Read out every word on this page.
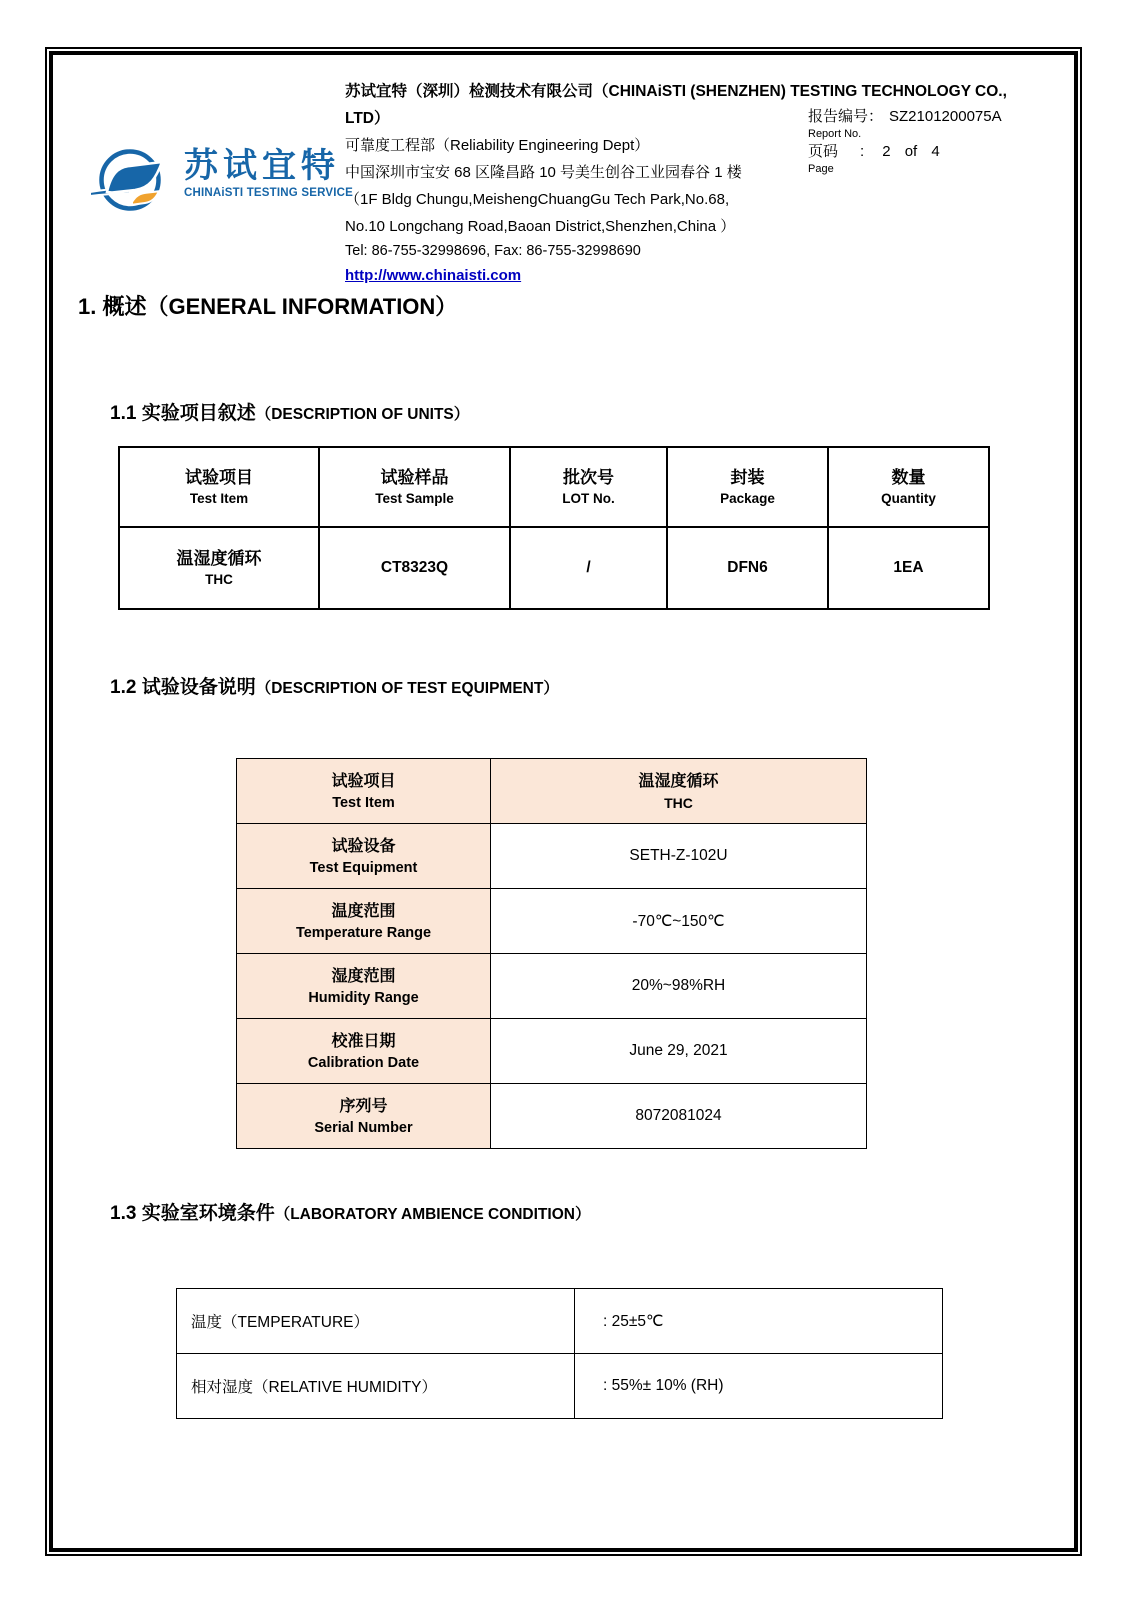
苏试宜特
CHINAiSTI TESTING SERVICE
苏试宜特（深圳）检测技术有限公司（CHINAiSTI (SHENZHEN) TESTING TECHNOLOGY CO.,
LTD）
可靠度工程部（Reliability Engineering Dept）
中国深圳市宝安 68 区隆昌路 10 号美生创谷工业园春谷 1 楼
（1F Bldg Chungu,MeishengChuangGu Tech Park,No.68,
No.10 Longchang Road,Baoan District,Shenzhen,China ）
Tel: 86-755-32998696, Fax: 86-755-32998690
http://www.chinaisti.com
报告编号： SZ2101200075A
Report No.
页码 : 2 of 4
Page
1. 概述（GENERAL INFORMATION）
1.1 实验项目叙述（DESCRIPTION OF UNITS）
试验项目
Test Item	试验样品
Test Sample	批次号
LOT No.	封装
Package	数量
Quantity

温湿度循环
THC	CT8323Q	/	DFN6	1EA
1.2 试验设备说明（DESCRIPTION OF TEST EQUIPMENT）
试验项目
Test Item	温湿度循环
THC

试验设备
Test Equipment	SETH-Z-102U

温度范围
Temperature Range	-70℃~150℃

湿度范围
Humidity Range	20%~98%RH

校准日期
Calibration Date	June 29, 2021

序列号
Serial Number	8072081024
1.3 实验室环境条件（LABORATORY AMBIENCE CONDITION）
温度（TEMPERATURE）	: 25±5℃
相对湿度（RELATIVE HUMIDITY）	: 55%± 10% (RH)
